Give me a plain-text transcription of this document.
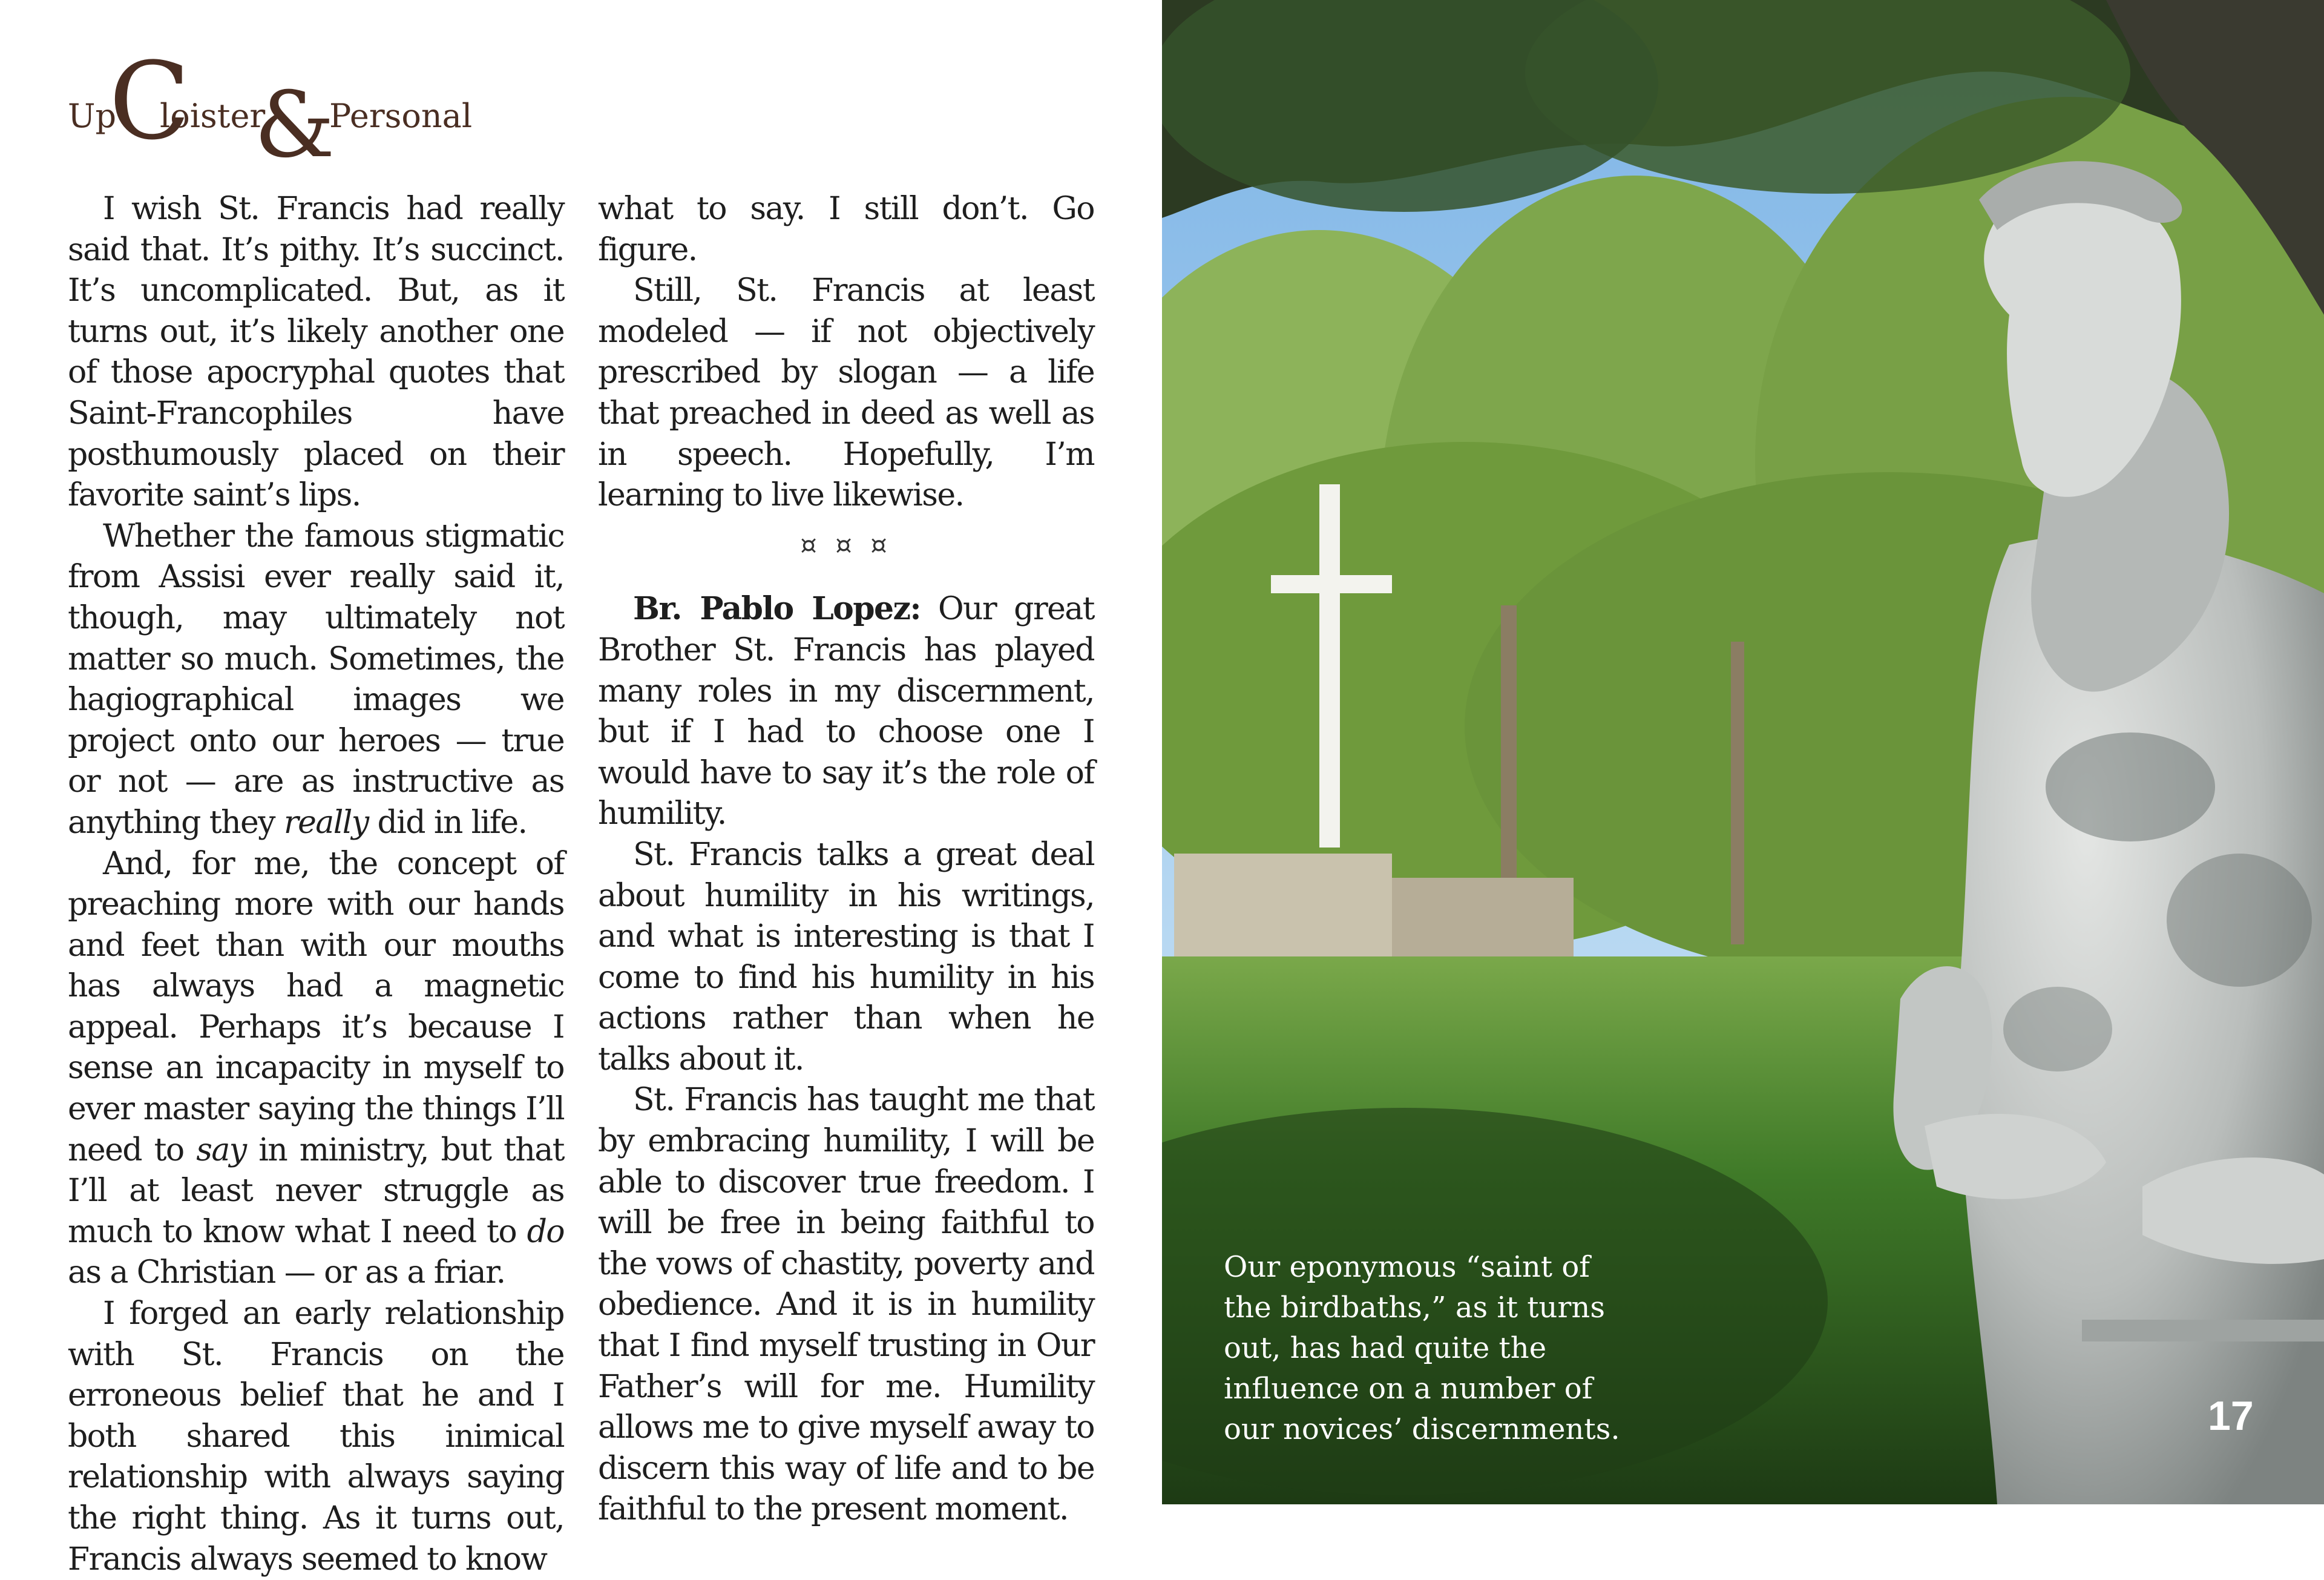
Up
C
loister
&
Personal

I wish St. Francis had really said that. It’s pithy. It’s succinct. It’s uncomplicated. But, as it turns out, it’s likely another one of those apocryphal quotes that Saint-Francophiles have posthumously placed on their favorite saint’s lips.

Whether the famous stigmatic from Assisi ever really said it, though, may ultimately not matter so much. Sometimes, the hagiographical images we project onto our heroes — true or not — are as instructive as anything they really did in life.

And, for me, the concept of preaching more with our hands and feet than with our mouths has always had a magnetic appeal. Perhaps it’s because I sense an incapacity in myself to ever master saying the things I’ll need to say in ministry, but that I’ll at least never struggle as much to know what I need to do as a Christian — or as a friar.

I forged an early relationship with St. Francis on the erroneous belief that he and I both shared this inimical relationship with always saying the right thing. As it turns out, Francis always seemed to know

what to say. I still don’t. Go figure.

Still, St. Francis at least modeled — if not objectively prescribed by slogan — a life that preached in deed as well as in speech. Hopefully, I’m learning to live likewise.

¤ ¤ ¤

Br. Pablo Lopez: Our great Brother St. Francis has played many roles in my discernment, but if I had to choose one I would have to say it’s the role of humility.

St. Francis talks a great deal about humility in his writings, and what is interesting is that I come to find his humility in his actions rather than when he talks about it.

St. Francis has taught me that by embracing humility, I will be able to discover true freedom. I will be free in being faithful to the vows of chastity, poverty and obedience. And it is in humility that I find myself trusting in Our Father’s will for me. Humility allows me to give myself away to discern this way of life and to be faithful to the present moment.

Our eponymous “saint of the birdbaths,” as it turns out, has had quite the influence on a number of our novices’ discernments.	17
